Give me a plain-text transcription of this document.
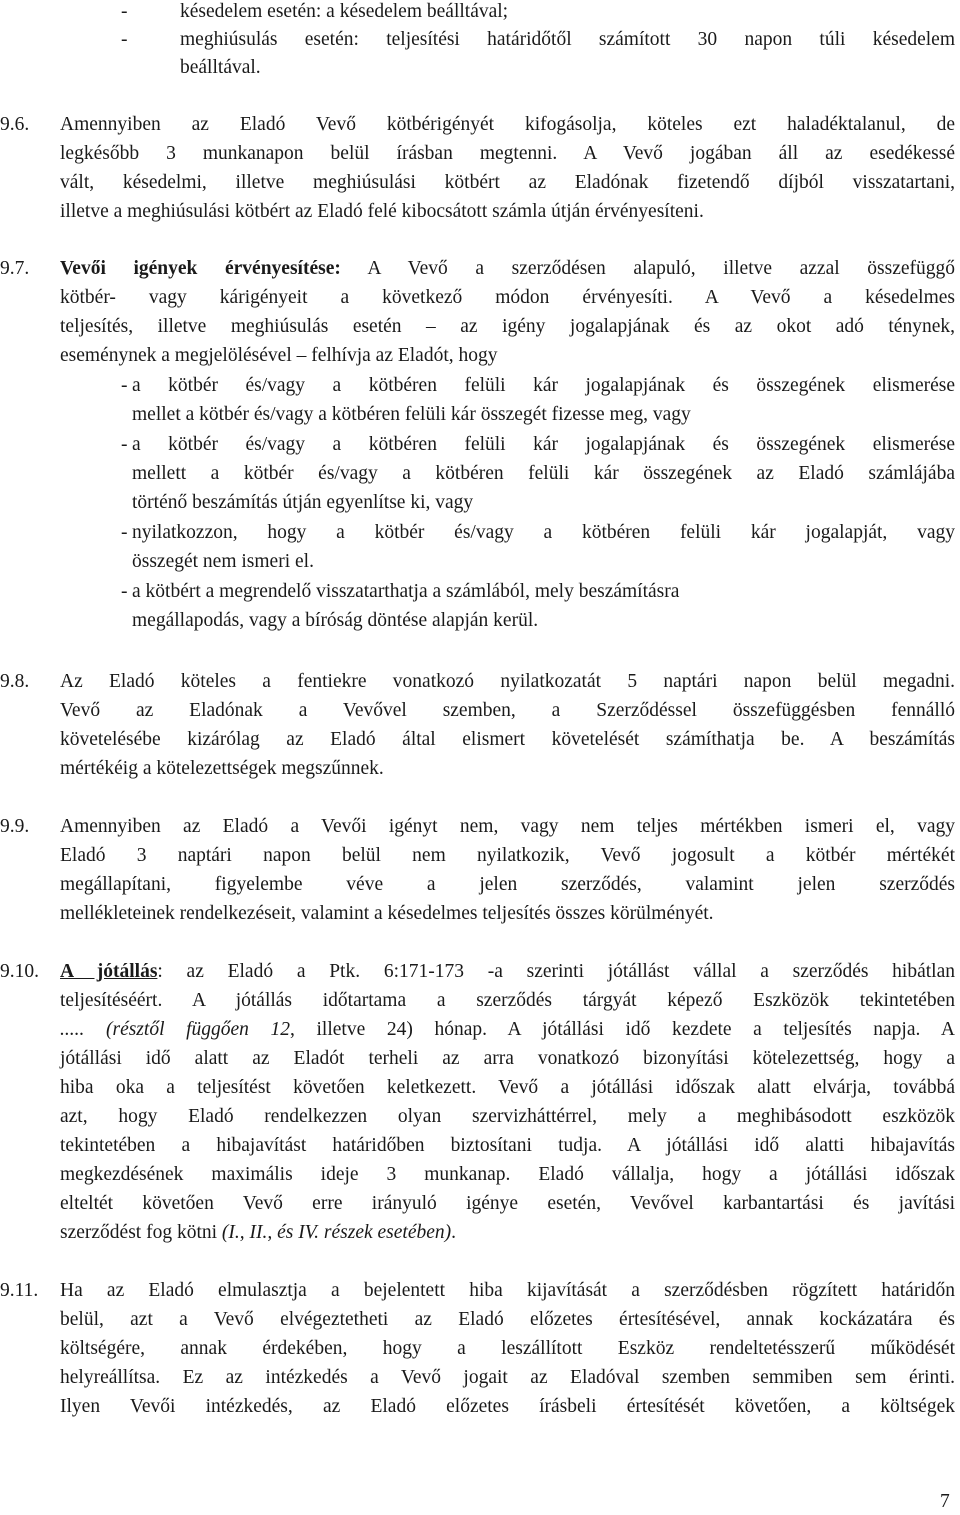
-	késedelem esetén: a késedelem beálltával;
-	meghiúsulás esetén: teljesítési határidőtől számított 30 napon túli késedelem
beálltával.
9.6. Amennyiben az Eladó Vevő kötbérigényét kifogásolja, köteles ezt haladéktalanul, de
legkésőbb 3 munkanapon belül írásban megtenni. A Vevő jogában áll az esedékessé
vált, késedelmi, illetve meghiúsulási kötbért az Eladónak fizetendő díjból visszatartani,
illetve a meghiúsulási kötbért az Eladó felé kibocsátott számla útján érvényesíteni.
9.7. Vevői igények érvényesítése: A Vevő a szerződésen alapuló, illetve azzal összefüggő
kötbér- vagy kárigényeit a következő módon érvényesíti. A Vevő a késedelmes
teljesítés, illetve meghiúsulás esetén – az igény jogalapjának és az okot adó ténynek,
eseménynek a megjelölésével – felhívja az Eladót, hogy
- a kötbér és/vagy a kötbéren felüli kár jogalapjának és összegének elismerése
mellet a kötbér és/vagy a kötbéren felüli kár összegét fizesse meg, vagy
- a kötbér és/vagy a kötbéren felüli kár jogalapjának és összegének elismerése
mellett a kötbér és/vagy a kötbéren felüli kár összegének az Eladó számlájába
történő beszámítás útján egyenlítse ki, vagy
- nyilatkozzon, hogy a kötbér és/vagy a kötbéren felüli kár jogalapját, vagy
összegét nem ismeri el.
- a kötbért a megrendelő visszatarthatja a számlából, mely beszámításra
megállapodás, vagy a bíróság döntése alapján kerül.
9.8. Az Eladó köteles a fentiekre vonatkozó nyilatkozatát 5 naptári napon belül megadni.
Vevő az Eladónak a Vevővel szemben, a Szerződéssel összefüggésben fennálló
követelésébe kizárólag az Eladó által elismert követelését számíthatja be. A beszámítás
mértékéig a kötelezettségek megszűnnek.
9.9. Amennyiben az Eladó a Vevői igényt nem, vagy nem teljes mértékben ismeri el, vagy
Eladó 3 naptári napon belül nem nyilatkozik, Vevő jogosult a kötbér mértékét
megállapítani, figyelembe véve a jelen szerződés, valamint jelen szerződés
mellékleteinek rendelkezéseit, valamint a késedelmes teljesítés összes körülményét.
9.10. A jótállás: az Eladó a Ptk. 6:171-173 -a szerinti jótállást vállal a szerződés hibátlan
teljesítéséért. A jótállás időtartama a szerződés tárgyát képező Eszközök tekintetében
..... (résztől függően 12, illetve 24) hónap. A jótállási idő kezdete a teljesítés napja. A
jótállási idő alatt az Eladót terheli az arra vonatkozó bizonyítási kötelezettség, hogy a
hiba oka a teljesítést követően keletkezett. Vevő a jótállási időszak alatt elvárja, továbbá
azt, hogy Eladó rendelkezzen olyan szervizháttérrel, mely a meghibásodott eszközök
tekintetében a hibajavítást határidőben biztosítani tudja. A jótállási idő alatti hibajavítás
megkezdésének maximális ideje 3 munkanap. Eladó vállalja, hogy a jótállási időszak
elteltét követően Vevő erre irányuló igénye esetén, Vevővel karbantartási és javítási
szerződést fog kötni (I., II., és IV. részek esetében).
9.11. Ha az Eladó elmulasztja a bejelentett hiba kijavítását a szerződésben rögzített határidőn
belül, azt a Vevő elvégeztetheti az Eladó előzetes értesítésével, annak kockázatára és
költségére, annak érdekében, hogy a leszállított Eszköz rendeltetésszerű működését
helyreállítsa. Ez az intézkedés a Vevő jogait az Eladóval szemben semmiben sem érinti.
Ilyen Vevői intézkedés, az Eladó előzetes írásbeli értesítését követően, a költségek
7
